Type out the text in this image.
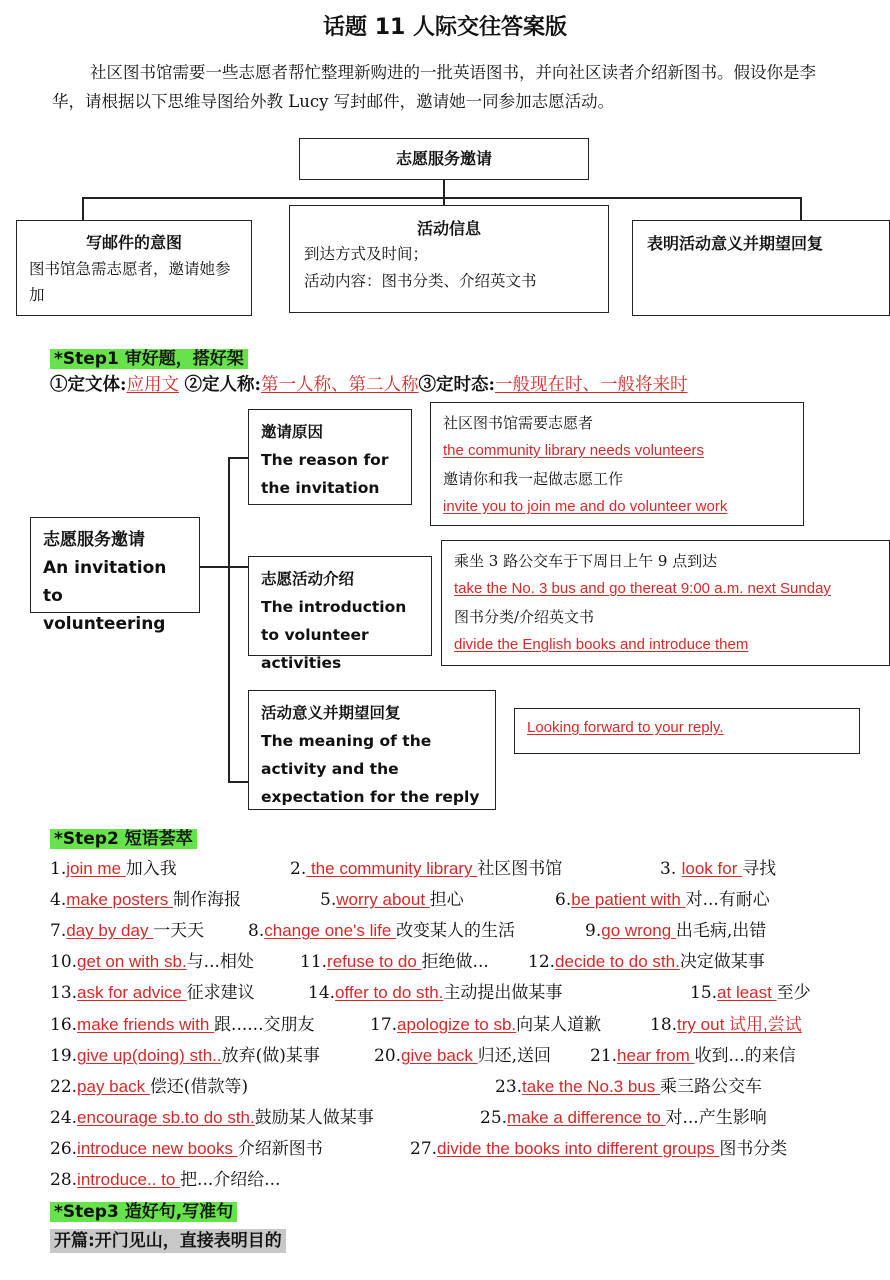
话题 11 人际交往答案版
社区图书馆需要一些志愿者帮忙整理新购进的一批英语图书，并向社区读者介绍新图书。假设你是李华，请根据以下思维导图给外教 Lucy 写封邮件，邀请她一同参加志愿活动。
志愿服务邀请
写邮件的意图
图书馆急需志愿者，邀请她参加
活动信息
到达方式及时间；
活动内容：图书分类、介绍英文书
表明活动意义并期望回复
*Step1 审好题，搭好架
①定文体:应用文 ②定人称:第一人称、第二人称③定时态:一般现在时、一般将来时
志愿服务邀请
An invitation to volunteering
邀请原因
The reason for the invitation
社区图书馆需要志愿者
the community library needs volunteers
邀请你和我一起做志愿工作
invite you to join me and do volunteer work
志愿活动介绍
The introduction to volunteer activities
乘坐 3 路公交车于下周日上午 9 点到达
take the No. 3 bus and go thereat 9:00 a.m. next Sunday
图书分类/介绍英文书
divide the English books and introduce them
活动意义并期望回复
The meaning of the activity and the expectation for the reply
Looking forward to your reply.
*Step2 短语荟萃
1.join me 加入我	2. the community library 社区图书馆	3. look for 寻找
4.make posters 制作海报	5.worry about 担心	6.be patient with 对...有耐心
7.day by day 一天天	8.change one's life 改变某人的生活	9.go wrong 出毛病,出错
10.get on with sb.与...相处	11.refuse to do 拒绝做... 12.decide to do sth.决定做某事
13.ask for advice 征求建议	14.offer to do sth.主动提出做某事	15.at least 至少
16.make friends with 跟......交朋友	17.apologize to sb.向某人道歉	18.try out 试用,尝试
19.give up(doing) sth..放弃(做)某事	20.give back 归还,送回 21.hear from 收到...的来信
22.pay back 偿还(借款等)	23.take the No.3 bus 乘三路公交车
24.encourage sb.to do sth.鼓励某人做某事	25.make a difference to 对...产生影响
26.introduce new books 介绍新图书	27.divide the books into different groups 图书分类
28.introduce.. to 把...介绍给...
*Step3 造好句,写准句
开篇:开门见山，直接表明目的
